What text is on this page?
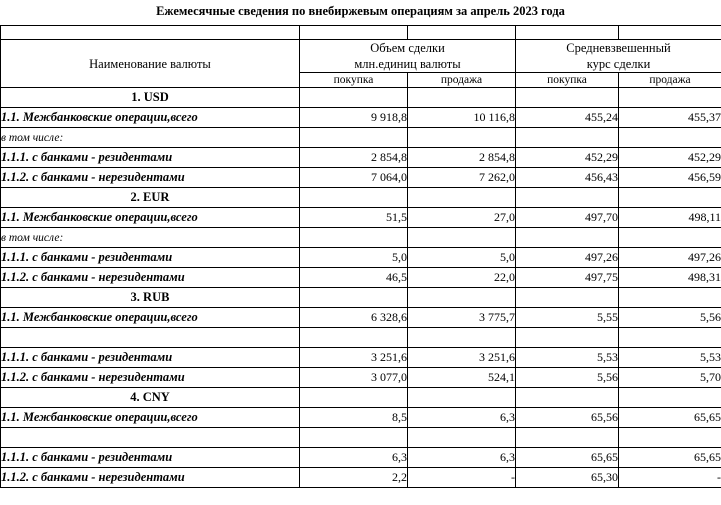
Ежемесячные сведения по внебиржевым операциям за апрель 2023 года

Наименование валюты	
Объем сделки
млн.единиц валюты

Средневзвешенный
курс сделки

	покупка	продажа	покупка	продажа
1. USD				
1.1. Межбанковские операции,всего	9 918,8	10 116,8	455,24	455,37
в том числе:				
1.1.1. с банками - резидентами	2 854,8	2 854,8	452,29	452,29
1.1.2. с банками - нерезидентами	7 064,0	7 262,0	456,43	456,59
2. EUR				
1.1. Межбанковские операции,всего	51,5	27,0	497,70	498,11
в том числе:				
1.1.1. с банками - резидентами	5,0	5,0	497,26	497,26
1.1.2. с банками - нерезидентами	46,5	22,0	497,75	498,31
3. RUB				
1.1. Межбанковские операции,всего	6 328,6	3 775,7	5,55	5,56

1.1.1. с банками - резидентами	3 251,6	3 251,6	5,53	5,53
1.1.2. с банками - нерезидентами	3 077,0	524,1	5,56	5,70
4. CNY				
1.1. Межбанковские операции,всего	8,5	6,3	65,56	65,65

1.1.1. с банками - резидентами	6,3	6,3	65,65	65,65
1.1.2. с банками - нерезидентами	2,2	-	65,30	-
